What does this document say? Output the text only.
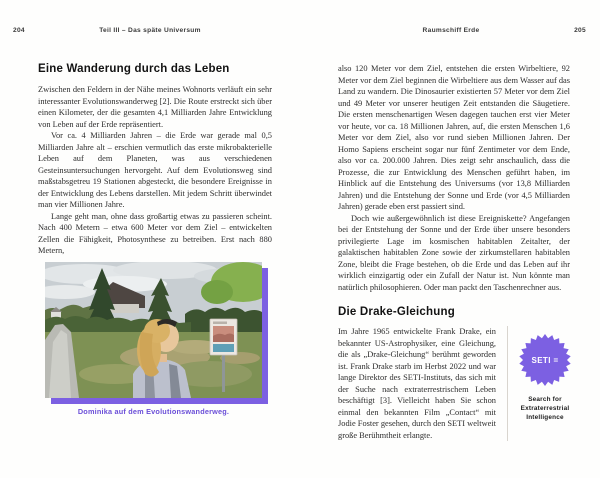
204	Teil III – Das späte Universum	Raumschiff Erde	205
Eine Wanderung durch das Leben

Zwischen den Feldern in der Nähe meines Wohnorts verläuft ein sehr interessanter Evolutionswanderweg [2]. Die Route erstreckt sich über einen Kilometer, der die gesamten 4,1 Milliarden Jahre Entwicklung von Leben auf der Erde repräsentiert.

Vor ca. 4 Milliarden Jahren – die Erde war gerade mal 0,5 Milliarden Jahre alt – erschien vermutlich das erste mikrobakterielle Leben auf dem Planeten, was aus verschiedenen Gesteinsuntersuchungen hervorgeht. Auf dem Evolutionsweg sind maßstabsgetreu 19 Stationen abgesteckt, die besondere Ereignisse in der Entwicklung des Lebens darstellen. Mit jedem Schritt überwindet man vier Millionen Jahre.

Lange geht man, ohne dass großartig etwas zu passieren scheint. Nach 400 Metern – etwa 600 Meter vor dem Ziel – entwickelten Zellen die Fähigkeit, Photosynthese zu betreiben. Erst nach 880 Metern,

Dominika auf dem Evolutionswanderweg.

also 120 Meter vor dem Ziel, entstehen die ersten Wirbeltiere, 92 Meter vor dem Ziel beginnen die Wirbeltiere aus dem Wasser auf das Land zu wandern. Die Dinosaurier existierten 57 Meter vor dem Ziel und 49 Meter vor unserer heutigen Zeit entstanden die Säugetiere. Die ersten menschenartigen Wesen dagegen tauchen erst vier Meter vor heute, vor ca. 18 Millionen Jahren, auf, die ersten Menschen 1,6 Meter vor dem Ziel, also vor rund sieben Millionen Jahren. Der Homo Sapiens erscheint sogar nur fünf Zentimeter vor dem Ende, also vor ca. 200.000 Jahren. Dies zeigt sehr anschaulich, dass die Prozesse, die zur Entwicklung des Menschen geführt haben, im Hinblick auf die Entstehung des Universums (vor 13,8 Milliarden Jahren) und die Entstehung der Sonne und Erde (vor 4,5 Milliarden Jahren) gerade eben erst passiert sind.

Doch wie außergewöhnlich ist diese Ereigniskette? Angefangen bei der Entstehung der Sonne und der Erde über unsere besonders privilegierte Lage im kosmischen habitablen Zeitalter, der galaktischen habitablen Zone sowie der zirkumstellaren habitablen Zone, bleibt die Frage bestehen, ob die Erde und das Leben auf ihr wirklich einzigartig oder ein Zufall der Natur ist. Nun könnte man natürlich philosophieren. Oder man packt den Taschenrechner aus.

Die Drake-Gleichung

Im Jahre 1965 entwickelte Frank Drake, ein bekannter US-Astrophysiker, eine Gleichung, die als „Drake-Gleichung“ berühmt geworden ist. Frank Drake starb im Herbst 2022 und war lange Direktor des SETI-Instituts, das sich mit der Suche nach extraterrestrischem Leben beschäftigt [3]. Vielleicht haben Sie schon einmal den bekannten Film „Contact“ mit Jodie Foster gesehen, durch den SETI weltweit große Berühmtheit erlangte.

SETI =
Search for Extraterrestrial Intelligence
